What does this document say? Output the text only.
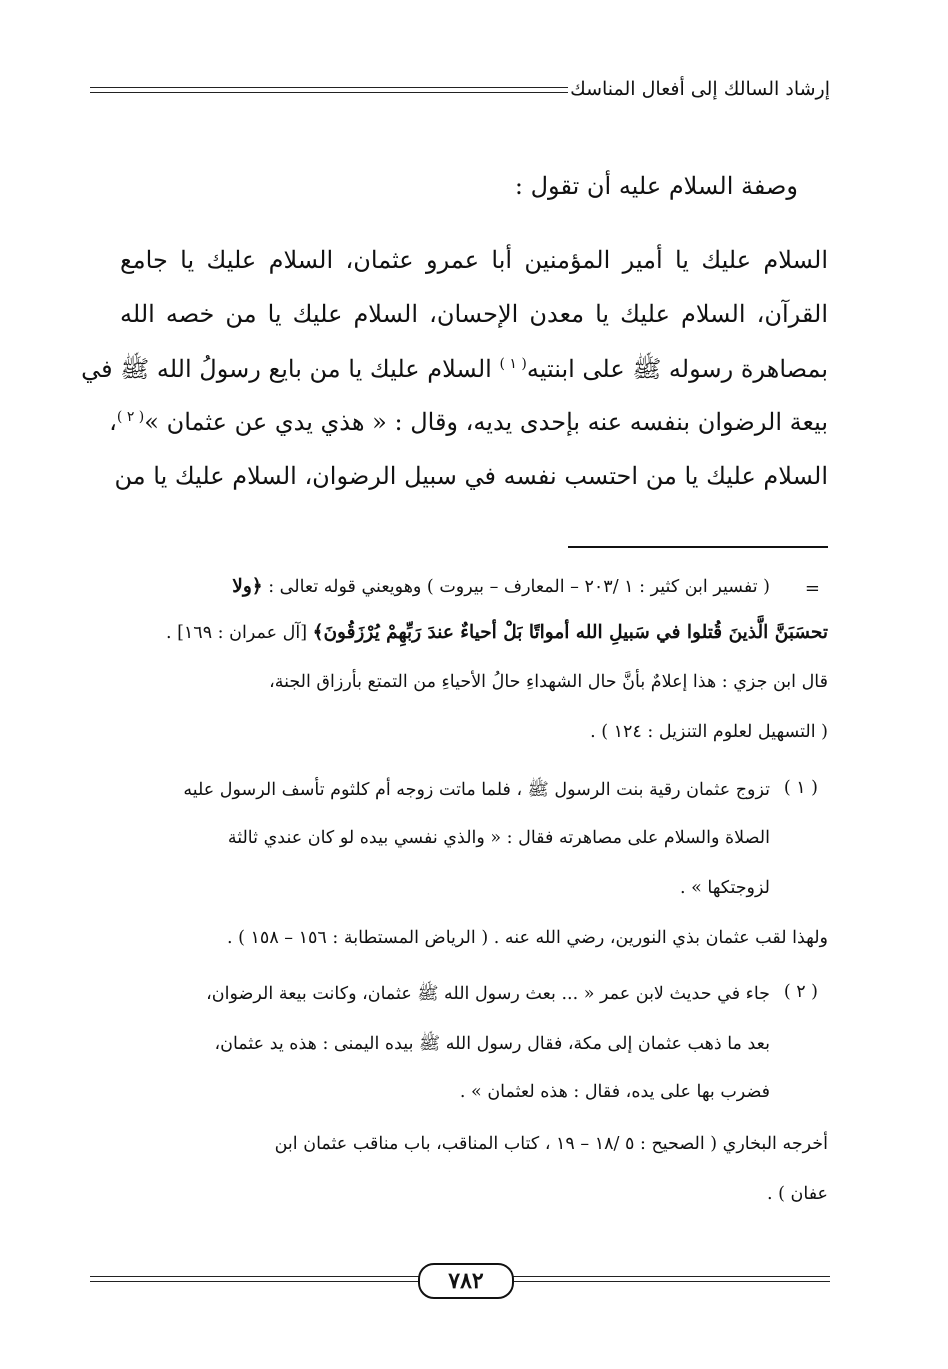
إرشاد السالك إلى أفعال المناسك
وصفة السلام عليه أن تقول :
السلام عليك يا أمير المؤمنين أبا عمرو عثمان، السلام عليك يا جامع
القرآن، السلام عليك يا معدن الإحسان، السلام عليك يا من خصه الله
بمصاهرة رسوله ﷺ على ابنتيه$^{( ١ )}$ السلام عليك يا من بايع رسولُ الله ﷺ في
بيعة الرضوان بنفسه عنه بإحدى يديه، وقال : « هذي يدي عن عثمان »$^{( ٢ )}$،
السلام عليك يا من احتسب نفسه في سبيل الرضوان، السلام عليك يا من
=
( تفسير ابن كثير : ١ /٢٠٣ – المعارف – بيروت ) وهويعني قوله تعالى : ﴿ولا
تحسَبَنَّ الَّذينَ قُتلوا في سَبيلِ الله أمواتًا بَلْ أحياءٌ عندَ رَبِّهِمْ يُرْزَقُونَ﴾ [آل عمران : ١٦٩] .
قال ابن جزي : هذا إعلامٌ بأنَّ حال الشهداءِ حالُ الأحياءِ من التمتع بأرزاق الجنة،
( التسهيل لعلوم التنزيل : ١٢٤ ) .
( ١ )
تزوج عثمان رقية بنت الرسول ﷺ ، فلما ماتت زوجه أم كلثوم تأسف الرسول عليه
الصلاة والسلام على مصاهرته فقال : « والذي نفسي بيده لو كان عندي ثالثة
لزوجتكها » .
ولهذا لقب عثمان بذي النورين، رضي الله عنه . ( الرياض المستطابة : ١٥٦ – ١٥٨ ) .
( ٢ )
جاء في حديث لابن عمر « ... بعث رسول الله ﷺ عثمان، وكانت بيعة الرضوان،
بعد ما ذهب عثمان إلى مكة، فقال رسول الله ﷺ بيده اليمنى : هذه يد عثمان،
فضرب بها على يده، فقال : هذه لعثمان » .
أخرجه البخاري ( الصحيح : ٥ /١٨ – ١٩ ، كتاب المناقب، باب مناقب عثمان ابن
عفان ) .
٧٨٢
